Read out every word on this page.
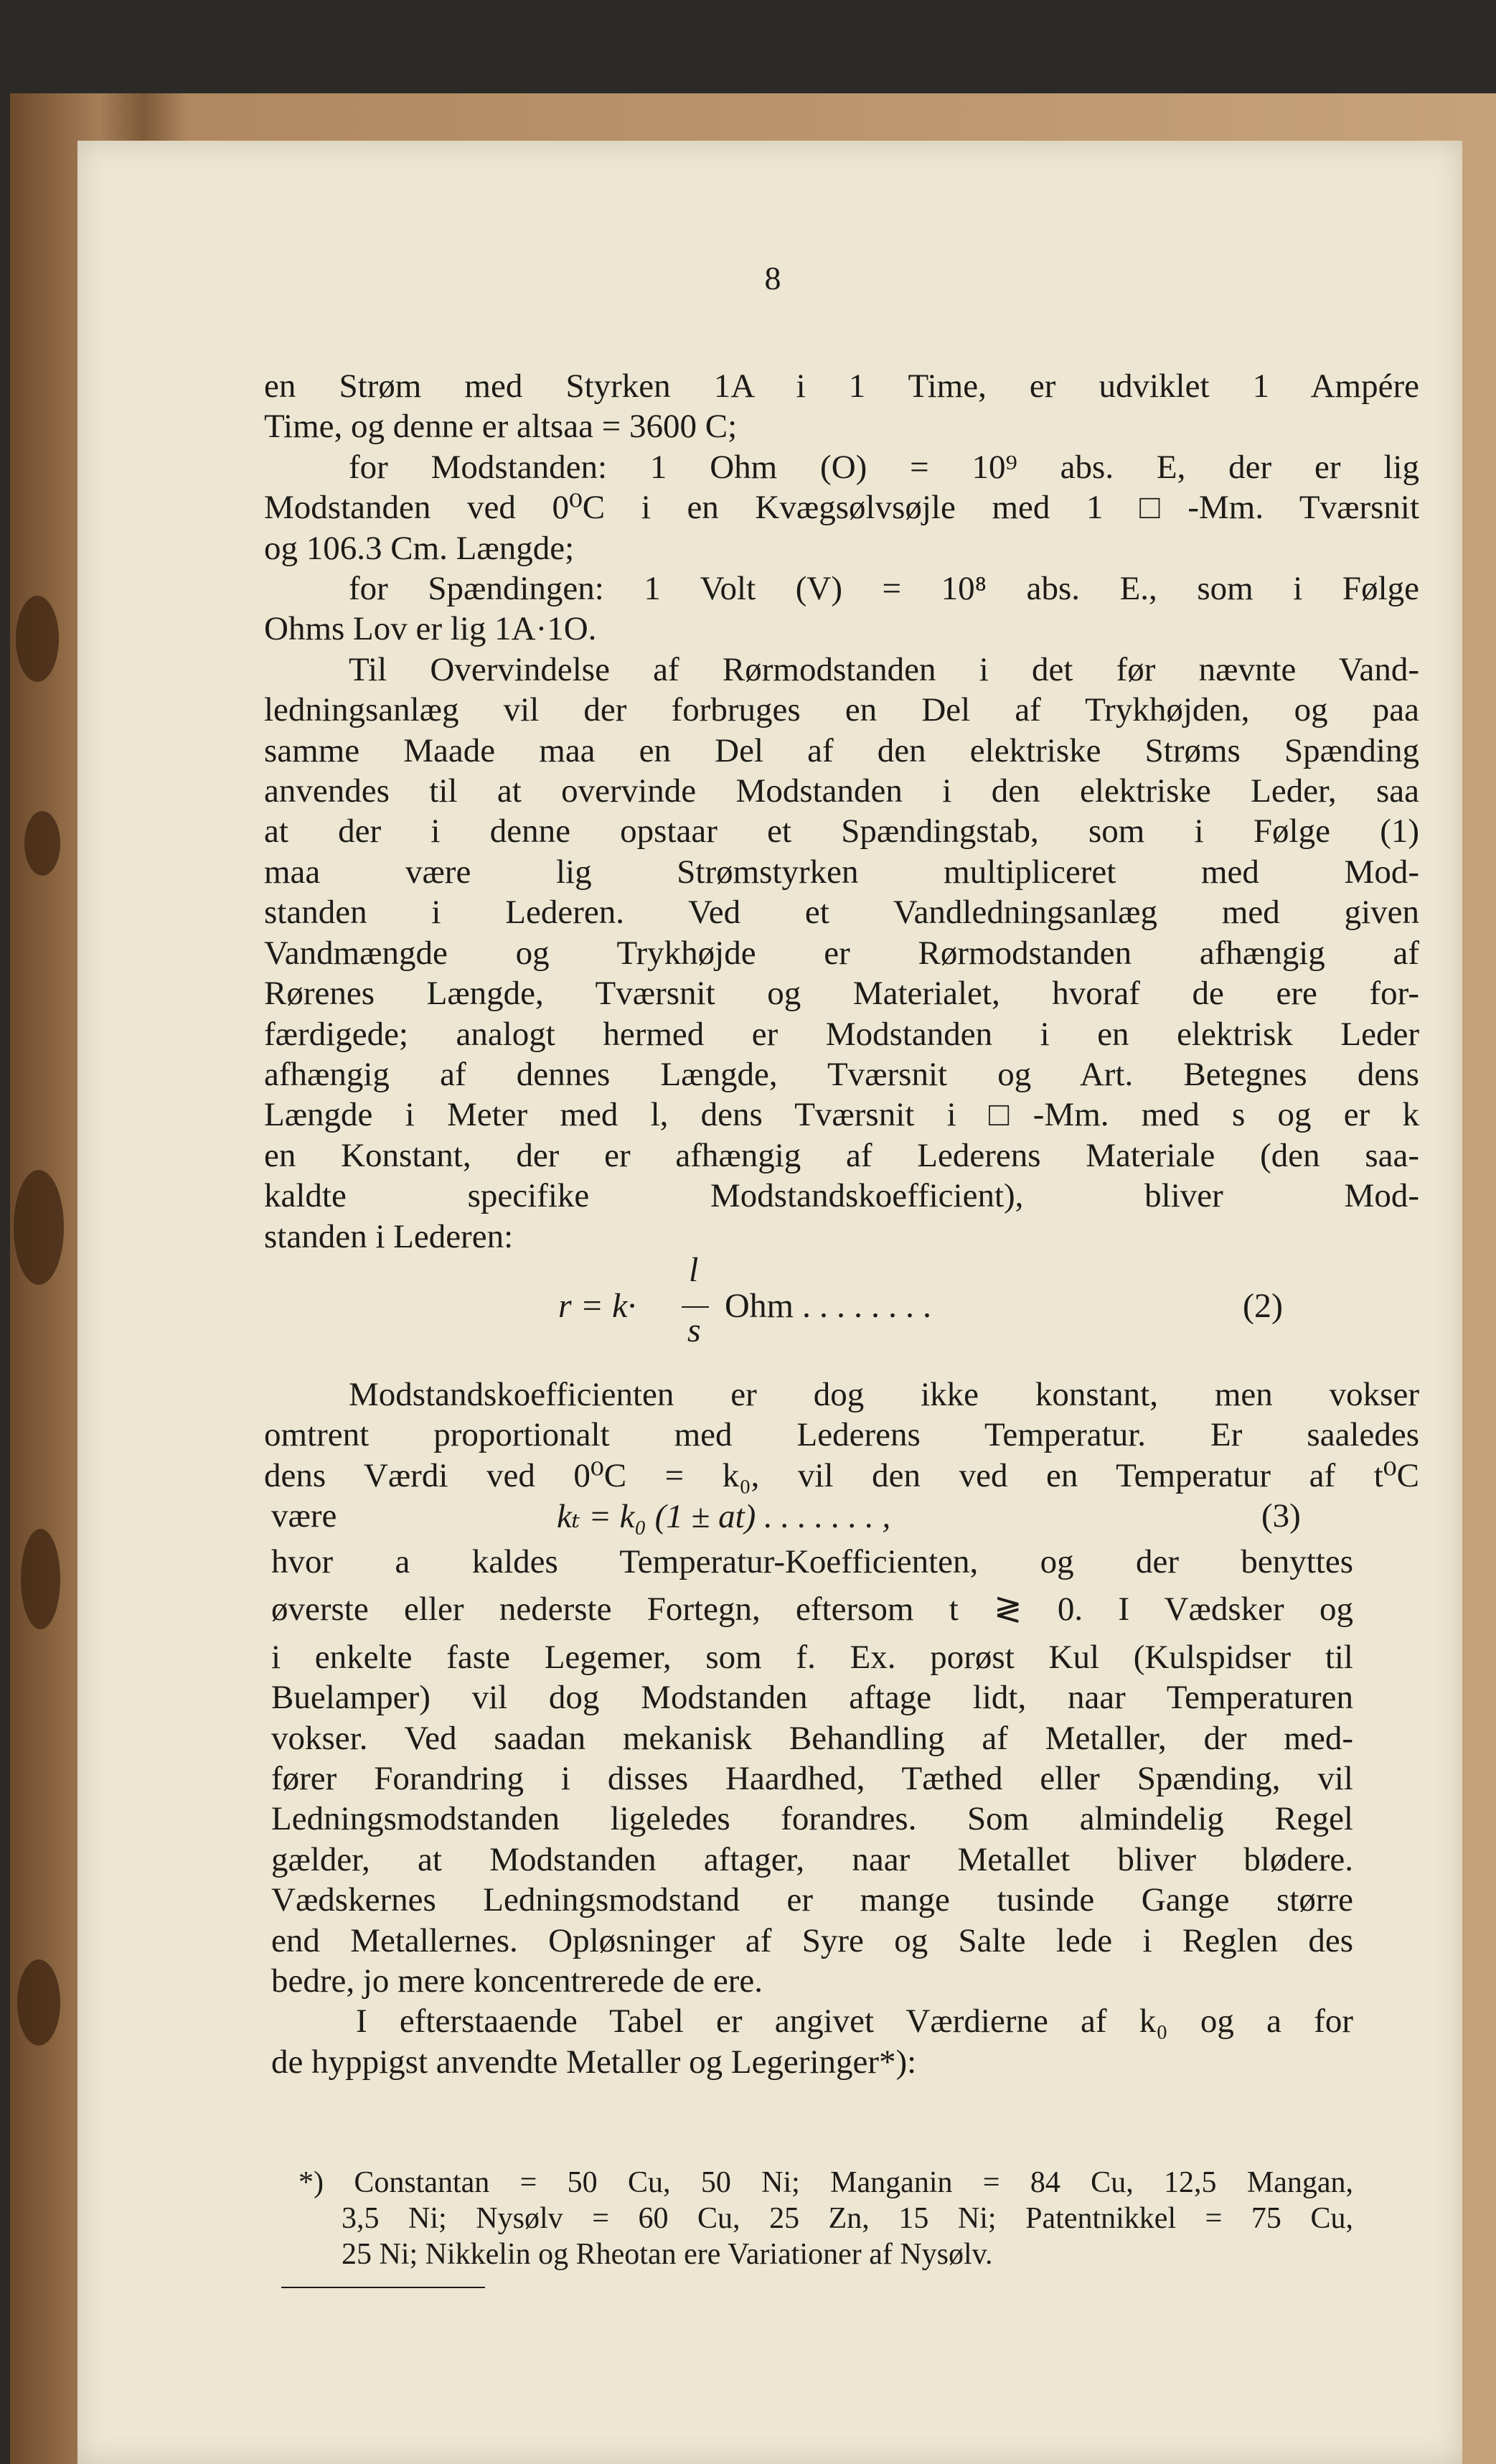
8
en Strøm med Styrken 1A i 1 Time, er udviklet 1 Ampére
Time, og denne er altsaa = 3600 C;
for Modstanden: 1 Ohm (O) = 10⁹ abs. E, der er lig
Modstanden ved 0⁰C i en Kvægsølvsøjle med 1 □-Mm. Tværsnit
og 106.3 Cm. Længde;
for Spændingen: 1 Volt (V) = 10⁸ abs. E., som i Følge
Ohms Lov er lig 1A·1O.
Til Overvindelse af Rørmodstanden i det før nævnte Vand-
ledningsanlæg vil der forbruges en Del af Trykhøjden, og paa
samme Maade maa en Del af den elektriske Strøms Spænding
anvendes til at overvinde Modstanden i den elektriske Leder, saa
at der i denne opstaar et Spændingstab, som i Følge (1)
maa være lig Strømstyrken multipliceret med Mod-
standen i Lederen. Ved et Vandledningsanlæg med given
Vandmængde og Trykhøjde er Rørmodstanden afhængig af
Rørenes Længde, Tværsnit og Materialet, hvoraf de ere for-
færdigede; analogt hermed er Modstanden i en elektrisk Leder
afhængig af dennes Længde, Tværsnit og Art. Betegnes dens
Længde i Meter med l, dens Tværsnit i □-Mm. med s og er k
en Konstant, der er afhængig af Lederens Materiale (den saa-
kaldte specifike Modstandskoefficient), bliver Mod-
standen i Lederen:
r = k·
l
s
Ohm . . . . . . . .	(2)
Modstandskoefficienten er dog ikke konstant, men vokser
omtrent proportionalt med Lederens Temperatur. Er saaledes
dens Værdi ved 0⁰C = k₀, vil den ved en Temperatur af t⁰C
være	kₜ = k₀ (1 ± at) . . . . . . . ,	(3)
hvor a kaldes Temperatur-Koefficienten, og der benyttes
øverste eller nederste Fortegn, eftersom t ≷ 0. I Vædsker og
i enkelte faste Legemer, som f. Ex. porøst Kul (Kulspidser til
Buelamper) vil dog Modstanden aftage lidt, naar Temperaturen
vokser. Ved saadan mekanisk Behandling af Metaller, der med-
fører Forandring i disses Haardhed, Tæthed eller Spænding, vil
Ledningsmodstanden ligeledes forandres. Som almindelig Regel
gælder, at Modstanden aftager, naar Metallet bliver blødere.
Vædskernes Ledningsmodstand er mange tusinde Gange større
end Metallernes. Opløsninger af Syre og Salte lede i Reglen des
bedre, jo mere koncentrerede de ere.
I efterstaaende Tabel er angivet Værdierne af k₀ og a for
de hyppigst anvendte Metaller og Legeringer*):
*) Constantan = 50 Cu, 50 Ni; Manganin = 84 Cu, 12,5 Mangan,
3,5 Ni; Nysølv = 60 Cu, 25 Zn, 15 Ni; Patentnikkel = 75 Cu,
25 Ni; Nikkelin og Rheotan ere Variationer af Nysølv.
